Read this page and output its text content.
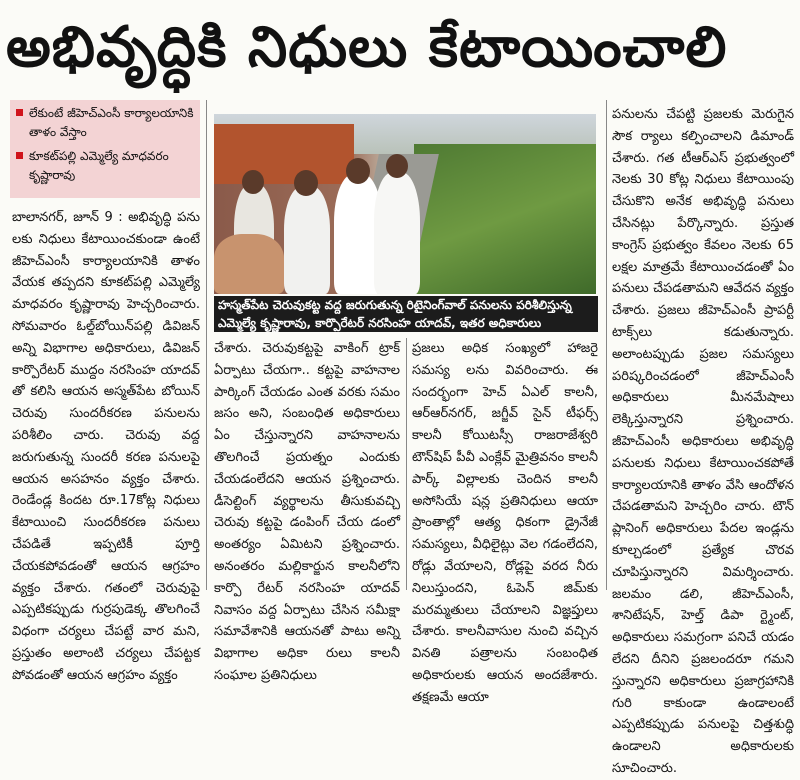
అభివృద్ధికి నిధులు కేటాయించాలి
లేకుంటే జీహెచ్ఎంసీ కార్యాలయానికి తాళం వేస్తాం
కూకట్‌పల్లి ఎమ్మెల్యే మాధవరం కృష్ణారావు
హస్మత్‌పేట చెరువుకట్ట వద్ద జరుగుతున్న రిటైనింగ్‌వాల్ పనులను పరిశీలిస్తున్న ఎమ్మెల్యే కృష్ణారావు, కార్పొరేటర్ నరసింహ యాదవ్, ఇతర అధికారులు

బాలానగర్, జూన్ 9 : అభివృద్ధి పను లకు నిధులు కేటాయించకుండా ఉంటే జీహెచ్ఎంసీ కార్యాలయానికి తాళం వేయక తప్పదని కూకట్‌పల్లి ఎమ్మెల్యే మాధవరం కృష్ణారావు హెచ్చరించారు. సోమవారం ఓల్డ్‌బోయిన్‌పల్లి డివిజన్ అన్ని విభాగాల అధికారులు, డివిజన్ కార్పొరేటర్ ముద్దం నరసింహ యాదవ్ తో కలిసి ఆయన అస్మత్‌పేట బోయిన్ చెరువు సుందరీకరణ పనులను పరిశీలిం చారు. చెరువు వద్ద జరుగుతున్న సుందరీ కరణ పనులపై ఆయన అసహనం వ్యక్తం చేశారు. రెండేండ్ల కిందట రూ.17కోట్ల నిధులు కేటాయించి సుందరీకరణ పనులు చేపడితే ఇప్పటికీ పూర్తి చేయకపోవడంతో ఆయన ఆగ్రహం వ్యక్తం చేశారు. గతంలో చెరువుపై ఎప్పటికప్పుడు గుర్రపుడెక్క తొలగించే విధంగా చర్యలు చేపట్టే వార మని, ప్రస్తుతం అలాంటి చర్యలు చేపట్టక పోవడంతో ఆయన ఆగ్రహం వ్యక్తం

చేశారు. చెరువుకట్టపై వాకింగ్ ట్రాక్ ఏర్పాటు చేయగా.. కట్టపై వాహనాల పార్కింగ్ చేయడం ఎంత వరకు సమం జసం అని, సంబంధిత అధికారులు ఏం చేస్తున్నారని వాహనాలను తొలగించే ప్రయత్నం ఎందుకు చేయడంలేదని ఆయన ప్రశ్నించారు. డీసెల్టింగ్ వ్యర్థాలను తీసుకువచ్చి చెరువు కట్టపై డంపింగ్ చేయ డంలో అంతర్యం ఏమిటని ప్రశ్నించారు. అనంతరం మల్లికార్జున కాలనీలోని కార్పొ రేటర్ నరసింహ యాదవ్ నివాసం వద్ద ఏర్పాటు చేసిన సమీక్షా సమావేశానికి ఆయనతో పాటు అన్ని విభాగాల అధికా రులు కాలనీ సంఘాల ప్రతినిధులు

ప్రజలు అధిక సంఖ్యలో హాజరై సమస్య లను వివరించారు. ఈ సందర్భంగా హెచ్ ఏఎల్ కాలనీ, ఆర్ఆర్‌నగర్, జగ్జీవ్ సైన్ టీఫర్స్ కాలనీ కోయిటస్సీ రాజరాజేశ్వరి టౌన్‌షిప్ పీవీ ఎంక్లేవ్ మైత్రివనం కాలనీ పార్క్ విల్లాలకు చెందిన కాలనీ అసోసియే షన్ల ప్రతినిధులు ఆయా ప్రాంతాల్లో ఆత్య ధికంగా డ్రైనేజీ సమస్యలు, వీధిలైట్లు వెల గడంలేదని, రోడ్లు వేయాలని, రోడ్లపై వరద నీరు నిలుస్తుందని, ఓపెన్ జిమ్‌కు మరమ్మతులు చేయాలని విజ్ఞప్తులు చేశారు. కాలనీవాసుల నుంచి వచ్చిన వినతి పత్రాలను సంబంధిత అధికారులకు ఆయన అందజేశారు. తక్షణమే ఆయా

పనులను చేపట్టి ప్రజలకు మెరుగైన సౌక ర్యాలు కల్పించాలని డిమాండ్ చేశారు. గత టీఆర్ఎస్ ప్రభుత్వంలో నెలకు 30 కోట్ల నిధులు కేటాయింపు చేసుకొని అనేక అభివృద్ధి పనులు చేసినట్లు పేర్కొన్నారు. ప్రస్తుత కాంగ్రెస్ ప్రభుత్వం కేవలం నెలకు 65 లక్షల మాత్రమే కేటాయించడంతో ఏం పనులు చేపడతామని ఆవేదన వ్యక్తం చేశారు. ప్రజలు జీహెచ్ఎంసీ ప్రాపర్టీ టాక్స్‌లు కడుతున్నారు. అలాంటప్పుడు ప్రజల సమస్యలు పరిష్కరించడంలో జీహెచ్ఎంసీ అధికారులు మీనమేషాలు లెక్కిస్తున్నారని ప్రశ్నించారు. జీహెచ్ఎంసీ అధికారులు అభివృద్ధి పనులకు నిధులు కేటాయించకపోతే కార్యాలయానికి తాళం వేసి ఆందోళన చేపడతామని హెచ్చరిం చారు. టౌన్ ప్లానింగ్ అధికారులు పేదల ఇండ్లను కూల్చడంలో ప్రత్యేక చొరవ చూపిస్తున్నారని విమర్శించారు. జలమం డలి, జీహెచ్ఎంసీ, శానిటేషన్, హెల్త్ డిపా ర్ట్మెంట్, అధికారులు సమగ్రంగా పనిచే యడం లేదని దీనిని ప్రజలందరూ గమని స్తున్నారని అధికారులు ప్రజాగ్రహానికి గురి కాకుండా ఉండాలంటే ఎప్పటికప్పుడు పనులపై చిత్తశుద్ధి ఉండాలని అధికారులకు సూచించారు.
